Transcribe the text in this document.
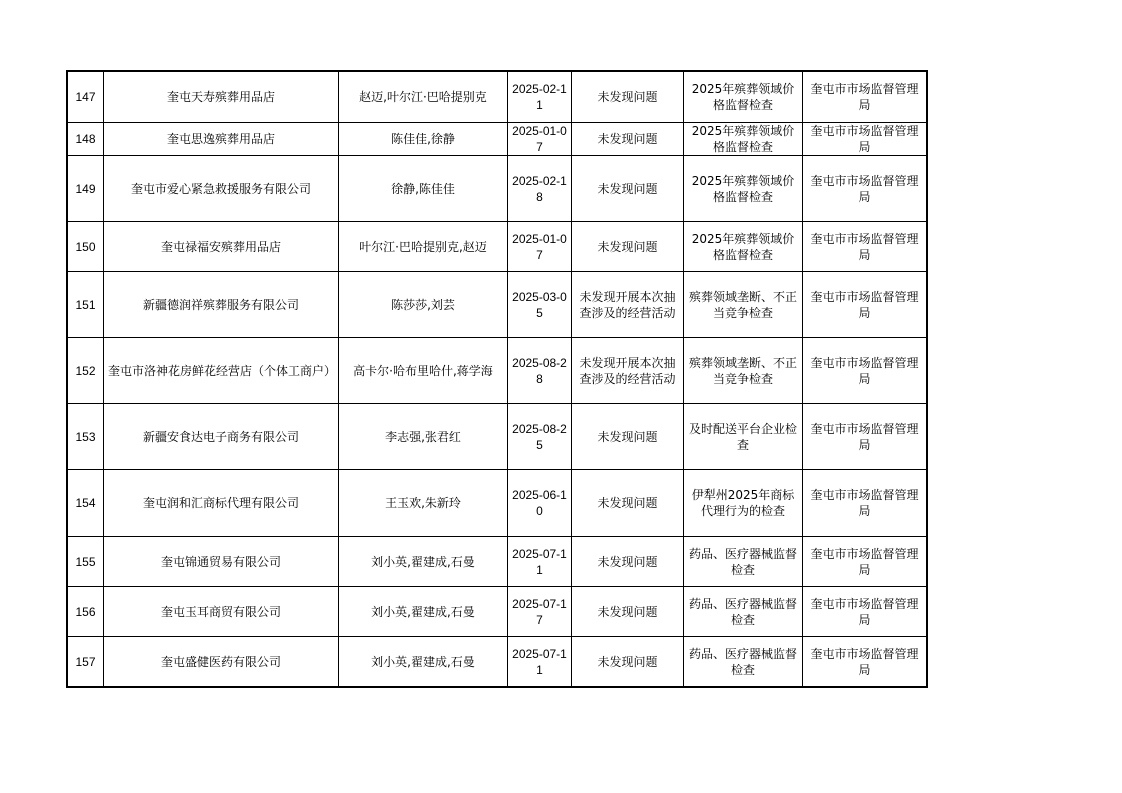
147	奎屯天寿殡葬用品店	赵迈,叶尔江·巴哈提别克	2025-02-11	未发现问题	2025年殡葬领域价格监督检查	奎屯市市场监督管理局
148	奎屯思逸殡葬用品店	陈佳佳,徐静	2025-01-07	未发现问题	2025年殡葬领域价格监督检查	奎屯市市场监督管理局
149	奎屯市爱心紧急救援服务有限公司	徐静,陈佳佳	2025-02-18	未发现问题	2025年殡葬领域价格监督检查	奎屯市市场监督管理局
150	奎屯禄福安殡葬用品店	叶尔江·巴哈提别克,赵迈	2025-01-07	未发现问题	2025年殡葬领域价格监督检查	奎屯市市场监督管理局
151	新疆德润祥殡葬服务有限公司	陈莎莎,刘芸	2025-03-05	未发现开展本次抽查涉及的经营活动	殡葬领域垄断、不正当竞争检查	奎屯市市场监督管理局
152	奎屯市洛神花房鲜花经营店（个体工商户）	高卡尔·哈布里哈什,蒋学海	2025-08-28	未发现开展本次抽查涉及的经营活动	殡葬领域垄断、不正当竞争检查	奎屯市市场监督管理局
153	新疆安食达电子商务有限公司	李志强,张君红	2025-08-25	未发现问题	及时配送平台企业检查	奎屯市市场监督管理局
154	奎屯润和汇商标代理有限公司	王玉欢,朱新玲	2025-06-10	未发现问题	伊犁州2025年商标代理行为的检查	奎屯市市场监督管理局
155	奎屯锦通贸易有限公司	刘小英,翟建成,石曼	2025-07-11	未发现问题	药品、医疗器械监督检查	奎屯市市场监督管理局
156	奎屯玉耳商贸有限公司	刘小英,翟建成,石曼	2025-07-17	未发现问题	药品、医疗器械监督检查	奎屯市市场监督管理局
157	奎屯盛健医药有限公司	刘小英,翟建成,石曼	2025-07-11	未发现问题	药品、医疗器械监督检查	奎屯市市场监督管理局
